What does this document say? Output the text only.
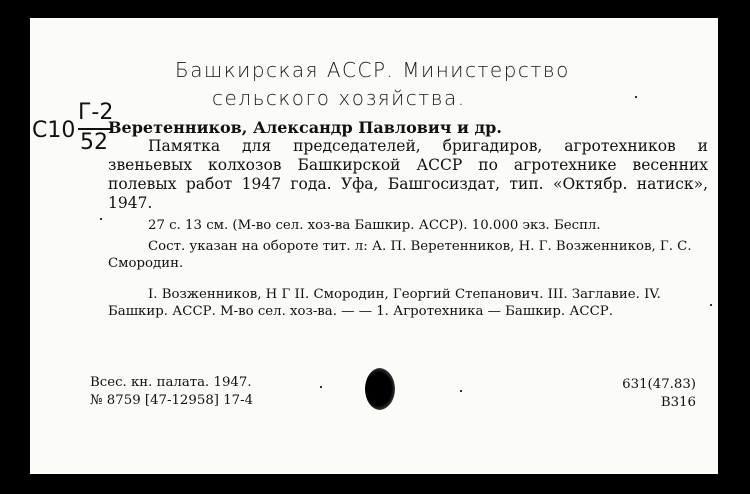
Башкирская АССР. Министерство
сельского хозяйства.
C10
Г-2
52
Веретенников, Александр Павлович и др.
Памятка для председателей, бригадиров, агротехников и звеньевых колхозов Башкирской АССР по агротехнике весенних полевых работ 1947 года. Уфа, Башгосиздат, тип. «Октябр. натиск», 1947.
27 с. 13 см. (М-во сел. хоз-ва Башкир. АССР). 10.000 экз. Беспл.
Сост. указан на обороте тит. л: А. П. Веретенников, Н. Г. Возженников, Г. С. Смородин.
I. Возженников, Н Г II. Смородин, Георгий Степанович. III. Заглавие. IV. Башкир. АССР. М-во сел. хоз-ва. — — 1. Агротехника — Башкир. АССР.
Всес. кн. палата. 1947.
№ 8759 [47-12958] 17-4
631(47.83)
В316
